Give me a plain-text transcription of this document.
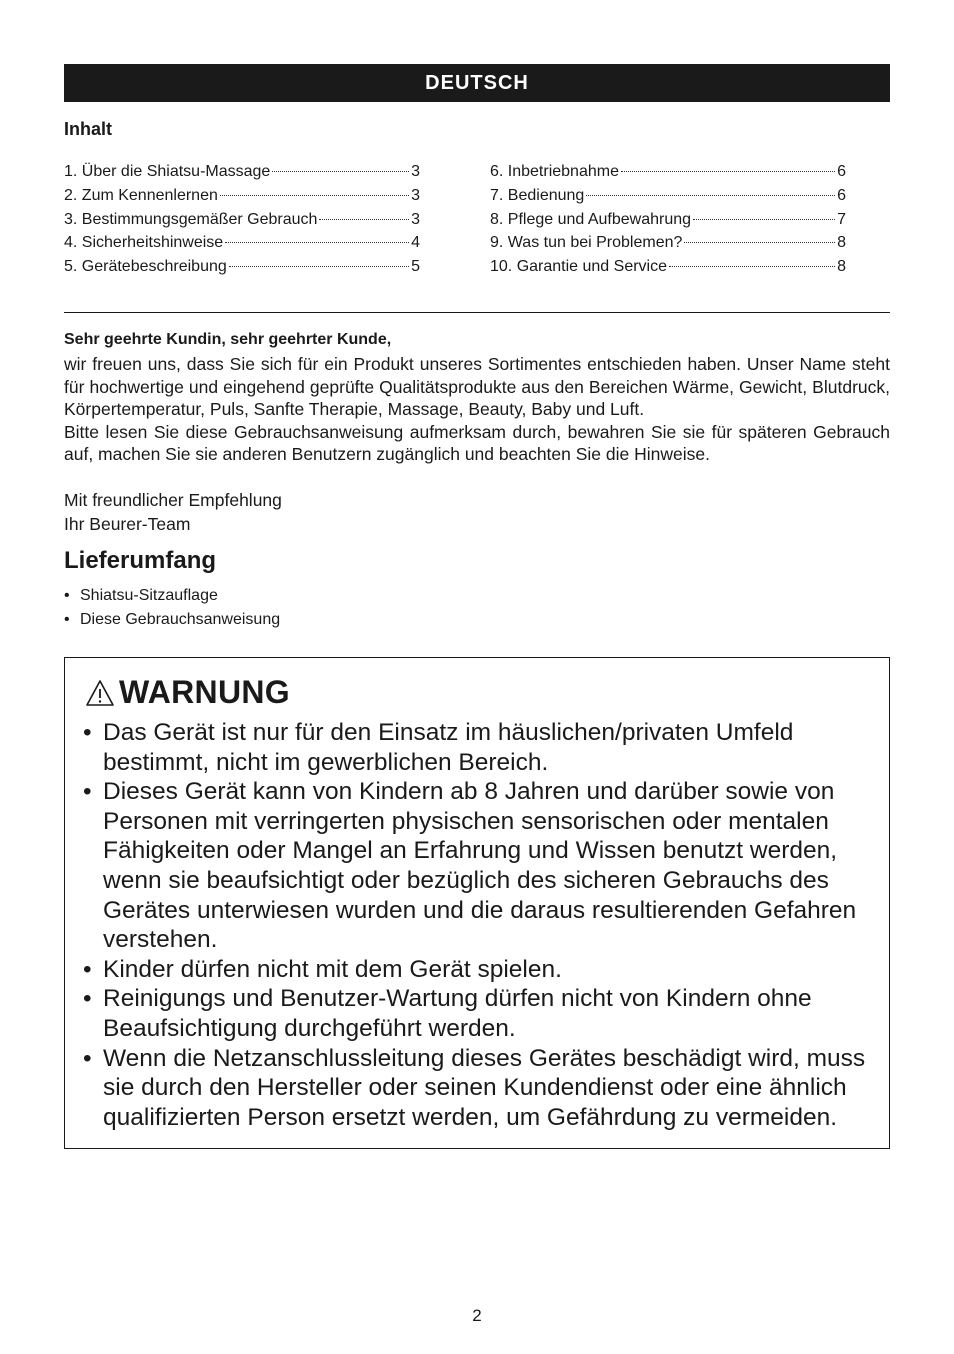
DEUTSCH
Inhalt
1. Über die Shiatsu-Massage	3
2. Zum Kennenlernen	3
3. Bestimmungsgemäßer Gebrauch	3
4. Sicherheitshinweise	4
5. Gerätebeschreibung	5
6. Inbetriebnahme	6
7. Bedienung	6
8. Pflege und Aufbewahrung	7
9. Was tun bei Problemen?	8
10. Garantie und Service	8
Sehr geehrte Kundin, sehr geehrter Kunde,

wir freuen uns, dass Sie sich für ein Produkt unseres Sortimentes entschieden haben. Unser Name steht für hochwertige und eingehend geprüfte Qualitätsprodukte aus den Bereichen Wärme, Gewicht, Blutdruck, Körpertemperatur, Puls, Sanfte Therapie, Massage, Beauty, Baby und Luft.

Bitte lesen Sie diese Gebrauchsanweisung aufmerksam durch, bewahren Sie sie für späteren Gebrauch auf, machen Sie sie anderen Benutzern zugänglich und beachten Sie die Hinweise.

Mit freundlicher Empfehlung
Ihr Beurer-Team
Lieferumfang
• Shiatsu-Sitzauflage
• Diese Gebrauchsanweisung
WARNUNG
• Das Gerät ist nur für den Einsatz im häuslichen/privaten Umfeld bestimmt, nicht im gewerblichen Bereich.
• Dieses Gerät kann von Kindern ab 8 Jahren und darüber sowie von Personen mit verringerten physischen sensorischen oder mentalen Fähigkeiten oder Mangel an Erfahrung und Wissen benutzt werden, wenn sie beaufsichtigt oder bezüglich des sicheren Gebrauchs des Gerätes unterwiesen wurden und die daraus resultierenden Gefahren verstehen.
• Kinder dürfen nicht mit dem Gerät spielen.
• Reinigungs und Benutzer-Wartung dürfen nicht von Kindern ohne Beaufsichtigung durchgeführt werden.
• Wenn die Netzanschlussleitung dieses Gerätes beschädigt wird, muss sie durch den Hersteller oder seinen Kundendienst oder eine ähnlich qualifizierten Person ersetzt werden, um Gefährdung zu vermeiden.
2
